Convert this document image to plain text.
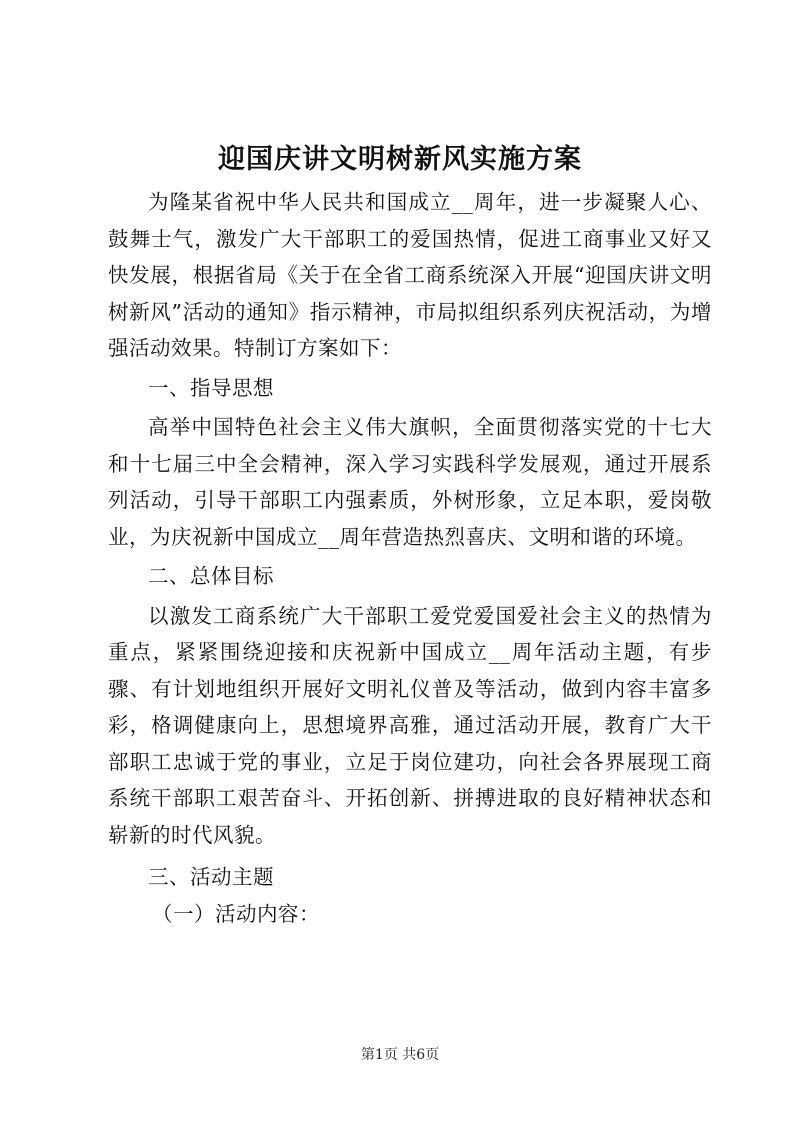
迎国庆讲文明树新风实施方案

为隆某省祝中华人民共和国成立__周年，进一步凝聚人心、鼓舞士气，激发广大干部职工的爱国热情，促进工商事业又好又快发展，根据省局《关于在全省工商系统深入开展“迎国庆讲文明树新风”活动的通知》指示精神，市局拟组织系列庆祝活动，为增强活动效果。特制订方案如下：

一、指导思想

高举中国特色社会主义伟大旗帜，全面贯彻落实党的十七大和十七届三中全会精神，深入学习实践科学发展观，通过开展系列活动，引导干部职工内强素质，外树形象，立足本职，爱岗敬业，为庆祝新中国成立__周年营造热烈喜庆、文明和谐的环境。

二、总体目标

以激发工商系统广大干部职工爱党爱国爱社会主义的热情为重点，紧紧围绕迎接和庆祝新中国成立__周年活动主题，有步骤、有计划地组织开展好文明礼仪普及等活动，做到内容丰富多彩，格调健康向上，思想境界高雅，通过活动开展，教育广大干部职工忠诚于党的事业，立足于岗位建功，向社会各界展现工商系统干部职工艰苦奋斗、开拓创新、拼搏进取的良好精神状态和崭新的时代风貌。

三、活动主题

（一）活动内容：

第1页 共6页
